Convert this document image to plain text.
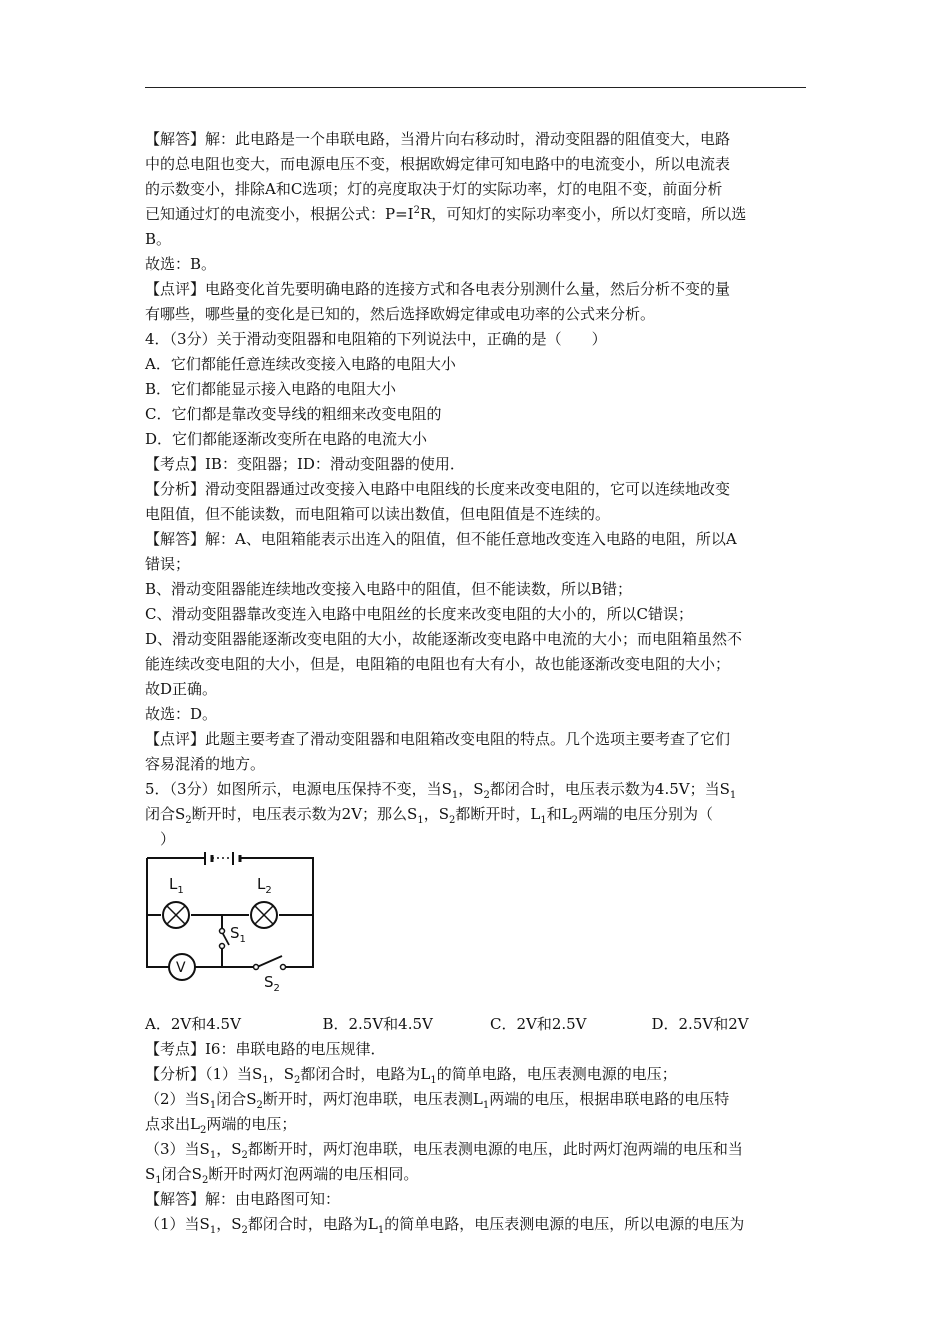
【解答】解：此电路是一个串联电路，当滑片向右移动时，滑动变阻器的阻值变大，电路
中的总电阻也变大，而电源电压不变，根据欧姆定律可知电路中的电流变小，所以电流表
的示数变小，排除A和C选项；灯的亮度取决于灯的实际功率，灯的电阻不变，前面分析
已知通过灯的电流变小，根据公式：$P=I^2R$，可知灯的实际功率变小，所以灯变暗，所以选
B。
故选：B。
【点评】电路变化首先要明确电路的连接方式和各电表分别测什么量，然后分析不变的量
有哪些，哪些量的变化是已知的，然后选择欧姆定律或电功率的公式来分析。
4．（3分）关于滑动变阻器和电阻箱的下列说法中，正确的是（　　）
A．它们都能任意连续改变接入电路的电阻大小
B．它们都能显示接入电路的电阻大小
C．它们都是靠改变导线的粗细来改变电阻的
D．它们都能逐渐改变所在电路的电流大小
【考点】IB：变阻器；ID：滑动变阻器的使用．
【分析】滑动变阻器通过改变接入电路中电阻线的长度来改变电阻的，它可以连续地改变
电阻值，但不能读数，而电阻箱可以读出数值，但电阻值是不连续的。
【解答】解：A、电阻箱能表示出连入的阻值，但不能任意地改变连入电路的电阻，所以A
错误；
B、滑动变阻器能连续地改变接入电路中的阻值，但不能读数，所以B错；
C、滑动变阻器靠改变连入电路中电阻丝的长度来改变电阻的大小的，所以C错误；
D、滑动变阻器能逐渐改变电阻的大小，故能逐渐改变电路中电流的大小；而电阻箱虽然不
能连续改变电阻的大小，但是，电阻箱的电阻也有大有小，故也能逐渐改变电阻的大小；
故D正确。
故选：D。
【点评】此题主要考查了滑动变阻器和电阻箱改变电阻的特点。几个选项主要考查了它们
容易混淆的地方。
5．（3分）如图所示，电源电压保持不变，当$S_1$，$S_2$都闭合时，电压表示数为4.5V；当$S_1$
闭合$S_2$断开时，电压表示数为2V；那么$S_1$，$S_2$都断开时，$L_1$和$L_2$两端的电压分别为（
　）
$L_1$	$L_2$
$S_1$
$S_2$
V
A．2V和4.5V	B．2.5V和4.5V	C．2V和2.5V	D．2.5V和2V
【考点】I6：串联电路的电压规律．
【分析】（1）当$S_1$，$S_2$都闭合时，电路为$L_1$的简单电路，电压表测电源的电压；
（2）当$S_1$闭合$S_2$断开时，两灯泡串联，电压表测$L_1$两端的电压，根据串联电路的电压特
点求出$L_2$两端的电压；
（3）当$S_1$，$S_2$都断开时，两灯泡串联，电压表测电源的电压，此时两灯泡两端的电压和当
$S_1$闭合$S_2$断开时两灯泡两端的电压相同。
【解答】解：由电路图可知：
（1）当$S_1$，$S_2$都闭合时，电路为$L_1$的简单电路，电压表测电源的电压，所以电源的电压为
